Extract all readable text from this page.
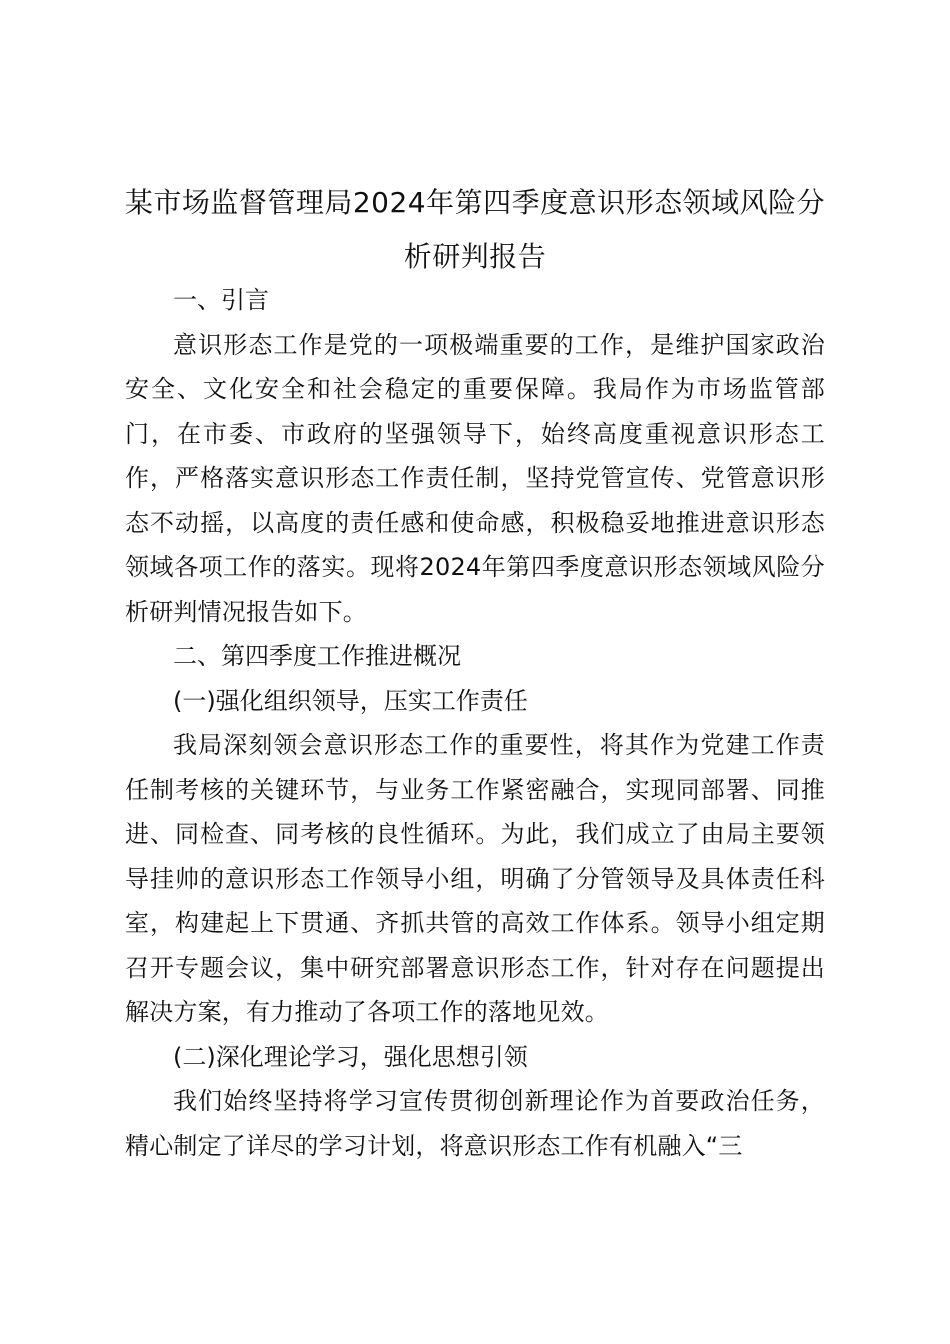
某市场监督管理局2024年第四季度意识形态领域风险分析研判报告

一、引言

意识形态工作是党的一项极端重要的工作，是维护国家政治安全、文化安全和社会稳定的重要保障。我局作为市场监管部门，在市委、市政府的坚强领导下，始终高度重视意识形态工作，严格落实意识形态工作责任制，坚持党管宣传、党管意识形态不动摇，以高度的责任感和使命感，积极稳妥地推进意识形态领域各项工作的落实。现将2024年第四季度意识形态领域风险分析研判情况报告如下。

二、第四季度工作推进概况

(一)强化组织领导，压实工作责任

我局深刻领会意识形态工作的重要性，将其作为党建工作责任制考核的关键环节，与业务工作紧密融合，实现同部署、同推进、同检查、同考核的良性循环。为此，我们成立了由局主要领导挂帅的意识形态工作领导小组，明确了分管领导及具体责任科室，构建起上下贯通、齐抓共管的高效工作体系。领导小组定期召开专题会议，集中研究部署意识形态工作，针对存在问题提出解决方案，有力推动了各项工作的落地见效。

(二)深化理论学习，强化思想引领

我们始终坚持将学习宣传贯彻创新理论作为首要政治任务，精心制定了详尽的学习计划，将意识形态工作有机融入“三
